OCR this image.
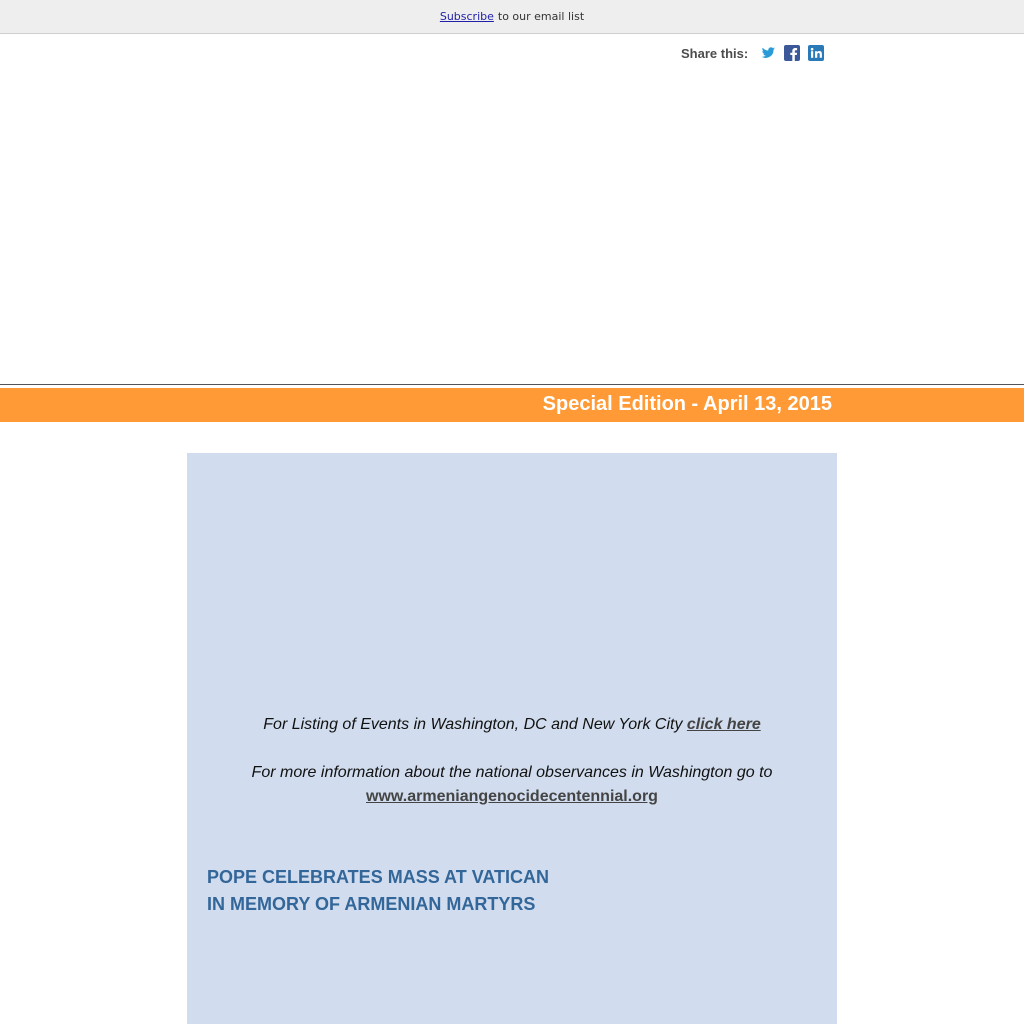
Subscribe to our email list
Share this:
Special Edition - April 13, 2015
For Listing of Events in Washington, DC and New York City click here
For more information about the national observances in Washington go to
www.armeniangenocidecentennial.org
POPE CELEBRATES MASS AT VATICAN
IN MEMORY OF ARMENIAN MARTYRS
